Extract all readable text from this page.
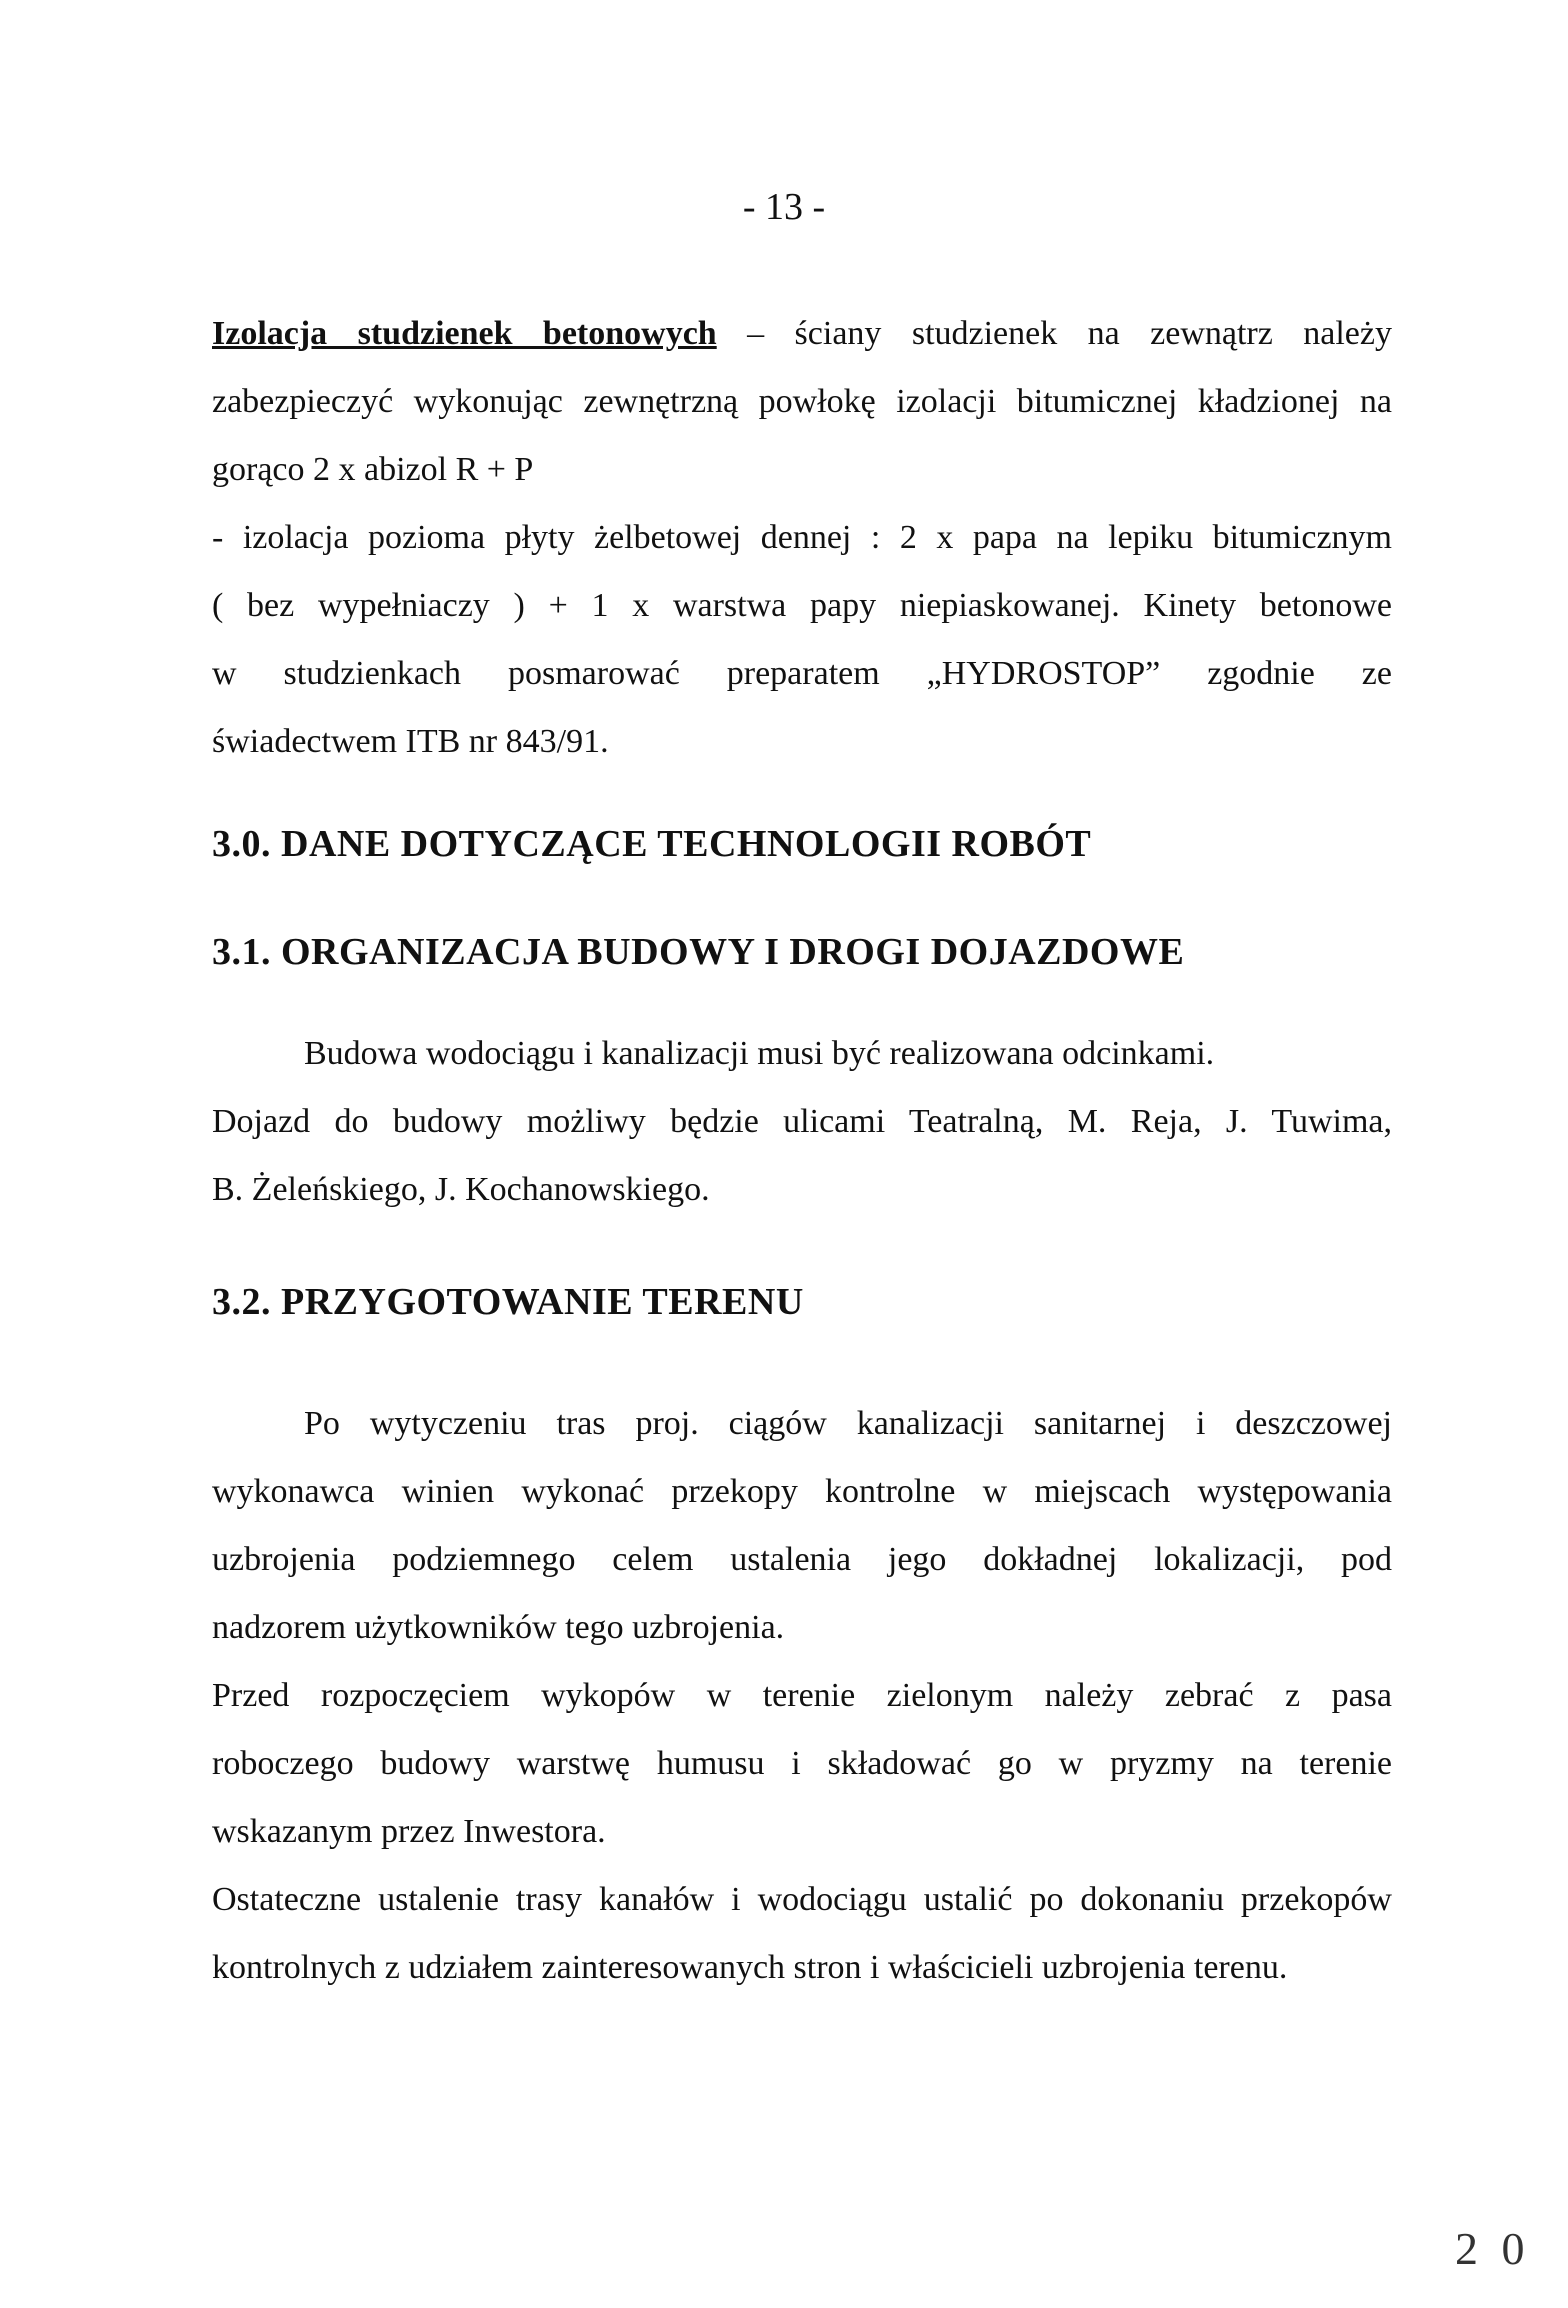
- 13 -
Izolacja studzienek betonowych – ściany studzienek na zewnątrz należy
zabezpieczyć wykonując zewnętrzną powłokę izolacji bitumicznej kładzionej na
gorąco 2 x abizol R + P
- izolacja pozioma płyty żelbetowej dennej : 2 x papa na lepiku bitumicznym
( bez wypełniaczy ) + 1 x warstwa papy niepiaskowanej. Kinety betonowe
w studzienkach posmarować preparatem „HYDROSTOP” zgodnie ze
świadectwem ITB nr 843/91.
3.0. DANE DOTYCZĄCE TECHNOLOGII ROBÓT
3.1. ORGANIZACJA BUDOWY I DROGI DOJAZDOWE
Budowa wodociągu i kanalizacji musi być realizowana odcinkami.
Dojazd do budowy możliwy będzie ulicami Teatralną, M. Reja, J. Tuwima,
B. Żeleńskiego, J. Kochanowskiego.
3.2. PRZYGOTOWANIE TERENU
Po wytyczeniu tras proj. ciągów kanalizacji sanitarnej i deszczowej
wykonawca winien wykonać przekopy kontrolne w miejscach występowania
uzbrojenia podziemnego celem ustalenia jego dokładnej lokalizacji, pod
nadzorem użytkowników tego uzbrojenia.
Przed rozpoczęciem wykopów w terenie zielonym należy zebrać z pasa
roboczego budowy warstwę humusu i składować go w pryzmy na terenie
wskazanym przez Inwestora.
Ostateczne ustalenie trasy kanałów i wodociągu ustalić po dokonaniu przekopów
kontrolnych z udziałem zainteresowanych stron i właścicieli uzbrojenia terenu.
2 0
